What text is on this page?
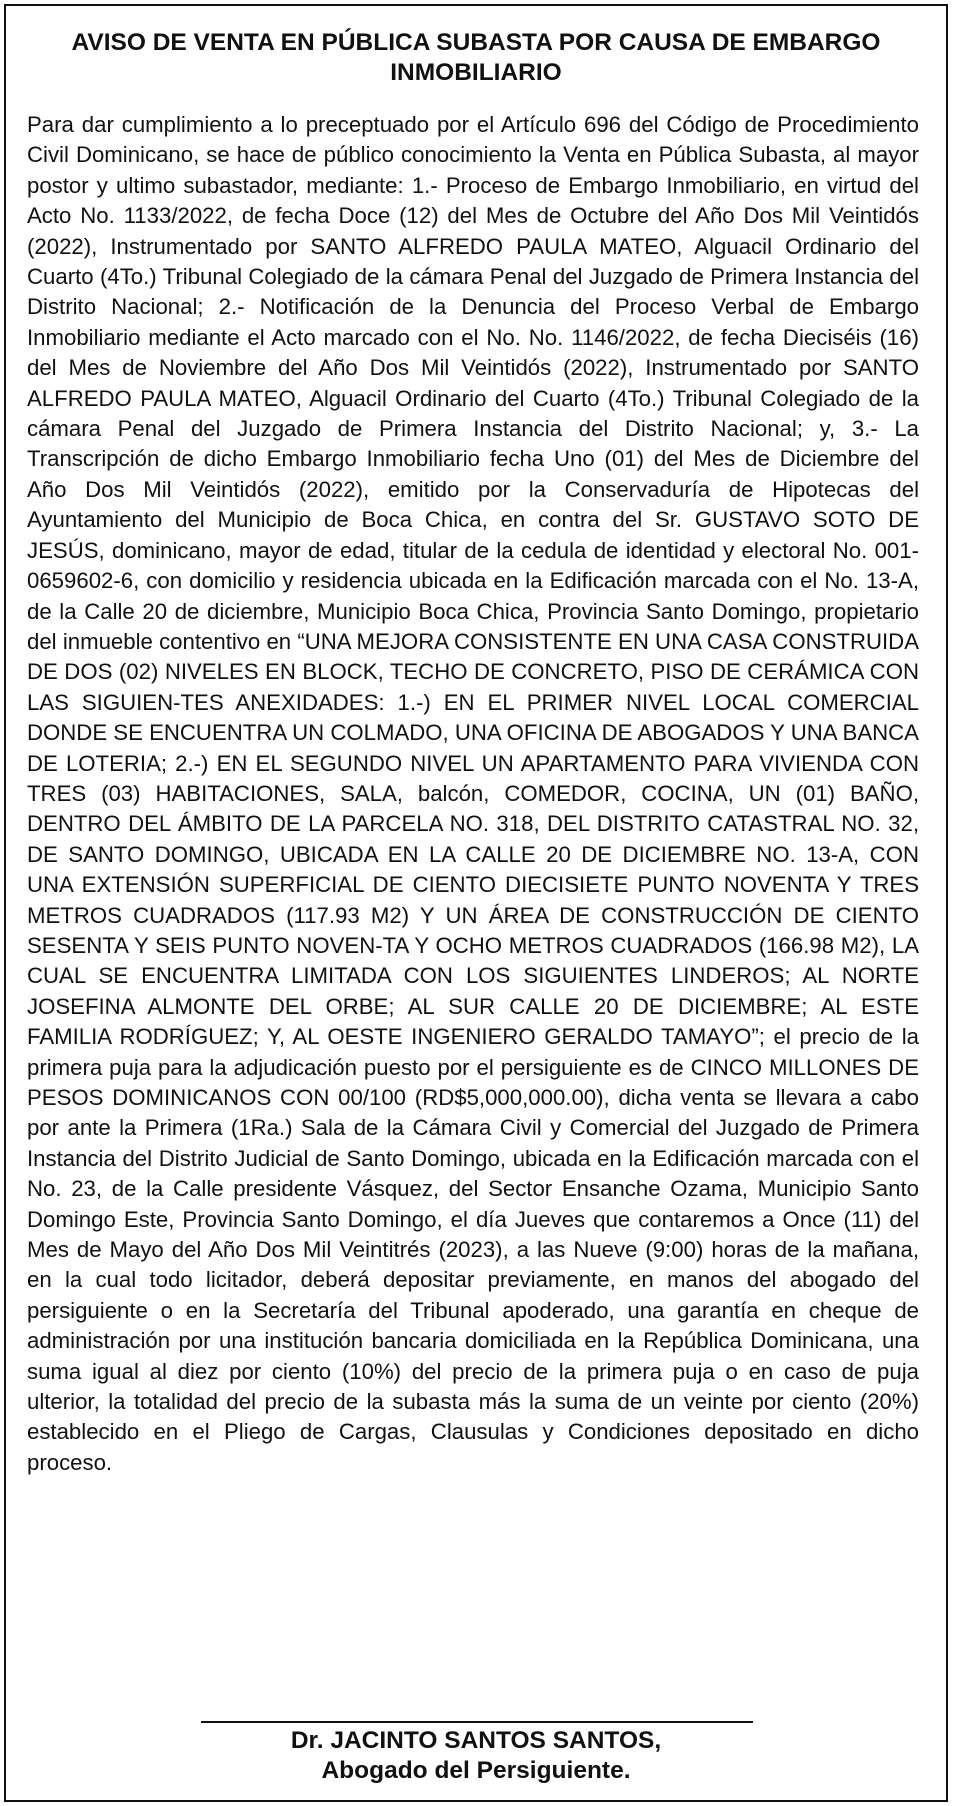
AVISO DE VENTA EN PÚBLICA SUBASTA POR CAUSA DE EMBARGO INMOBILIARIO

Para dar cumplimiento a lo preceptuado por el Artículo 696 del Código de Procedimiento Civil Dominicano, se hace de público conocimiento la Venta en Pública Subasta, al mayor postor y ultimo subastador, mediante: 1.- Proceso de Embargo Inmobiliario, en virtud del Acto No. 1133/2022, de fecha Doce (12) del Mes de Octubre del Año Dos Mil Veintidós (2022), Instrumentado por SANTO ALFREDO PAULA MATEO, Alguacil Ordinario del Cuarto (4To.) Tribunal Colegiado de la cámara Penal del Juzgado de Primera Instancia del Distrito Nacional; 2.- Notificación de la Denuncia del Proceso Verbal de Embargo Inmobiliario mediante el Acto marcado con el No. No. 1146/2022, de fecha Dieciséis (16) del Mes de Noviembre del Año Dos Mil Veintidós (2022), Instrumentado por SANTO ALFREDO PAULA MATEO, Alguacil Ordinario del Cuarto (4To.) Tribunal Colegiado de la cámara Penal del Juzgado de Primera Instancia del Distrito Nacional; y, 3.- La Transcripción de dicho Embargo Inmobiliario fecha Uno (01) del Mes de Diciembre del Año Dos Mil Veintidós (2022), emitido por la Conservaduría de Hipotecas del Ayuntamiento del Municipio de Boca Chica, en contra del Sr. GUSTAVO SOTO DE JESÚS, dominicano, mayor de edad, titular de la cedula de identidad y electoral No. 001-0659602-6, con domicilio y residencia ubicada en la Edificación marcada con el No. 13-A, de la Calle 20 de diciembre, Municipio Boca Chica, Provincia Santo Domingo, propietario del inmueble contentivo en “UNA MEJORA CONSISTENTE EN UNA CASA CONSTRUIDA DE DOS (02) NIVELES EN BLOCK, TECHO DE CONCRETO, PISO DE CERÁMICA CON LAS SIGUIEN-TES ANEXIDADES: 1.-) EN EL PRIMER NIVEL LOCAL COMERCIAL DONDE SE ENCUENTRA UN COLMADO, UNA OFICINA DE ABOGADOS Y UNA BANCA DE LOTERIA; 2.-) EN EL SEGUNDO NIVEL UN APARTAMENTO PARA VIVIENDA CON TRES (03) HABITACIONES, SALA, balcón, COMEDOR, COCINA, UN (01) BAÑO, DENTRO DEL ÁMBITO DE LA PARCELA NO. 318, DEL DISTRITO CATASTRAL NO. 32, DE SANTO DOMINGO, UBICADA EN LA CALLE 20 DE DICIEMBRE NO. 13-A, CON UNA EXTENSIÓN SUPERFICIAL DE CIENTO DIECISIETE PUNTO NOVENTA Y TRES METROS CUADRADOS (117.93 M2) Y UN ÁREA DE CONSTRUCCIÓN DE CIENTO SESENTA Y SEIS PUNTO NOVEN-TA Y OCHO METROS CUADRADOS (166.98 M2), LA CUAL SE ENCUENTRA LIMITADA CON LOS SIGUIENTES LINDEROS; AL NORTE JOSEFINA ALMONTE DEL ORBE; AL SUR CALLE 20 DE DICIEMBRE; AL ESTE FAMILIA RODRÍGUEZ; Y, AL OESTE INGENIERO GERALDO TAMAYO”; el precio de la primera puja para la adjudicación puesto por el persiguiente es de CINCO MILLONES DE PESOS DOMINICANOS CON 00/100 (RD$5,000,000.00), dicha venta se llevara a cabo por ante la Primera (1Ra.) Sala de la Cámara Civil y Comercial del Juzgado de Primera Instancia del Distrito Judicial de Santo Domingo, ubicada en la Edificación marcada con el No. 23, de la Calle presidente Vásquez, del Sector Ensanche Ozama, Municipio Santo Domingo Este, Provincia Santo Domingo, el día Jueves que contaremos a Once (11) del Mes de Mayo del Año Dos Mil Veintitrés (2023), a las Nueve (9:00) horas de la mañana, en la cual todo licitador, deberá depositar previamente, en manos del abogado del persiguiente o en la Secretaría del Tribunal apoderado, una garantía en cheque de administración por una institución bancaria domiciliada en la República Dominicana, una suma igual al diez por ciento (10%) del precio de la primera puja o en caso de puja ulterior, la totalidad del precio de la subasta más la suma de un veinte por ciento (20%) establecido en el Pliego de Cargas, Clausulas y Condiciones depositado en dicho proceso.

Dr. JACINTO SANTOS SANTOS,
Abogado del Persiguiente.
